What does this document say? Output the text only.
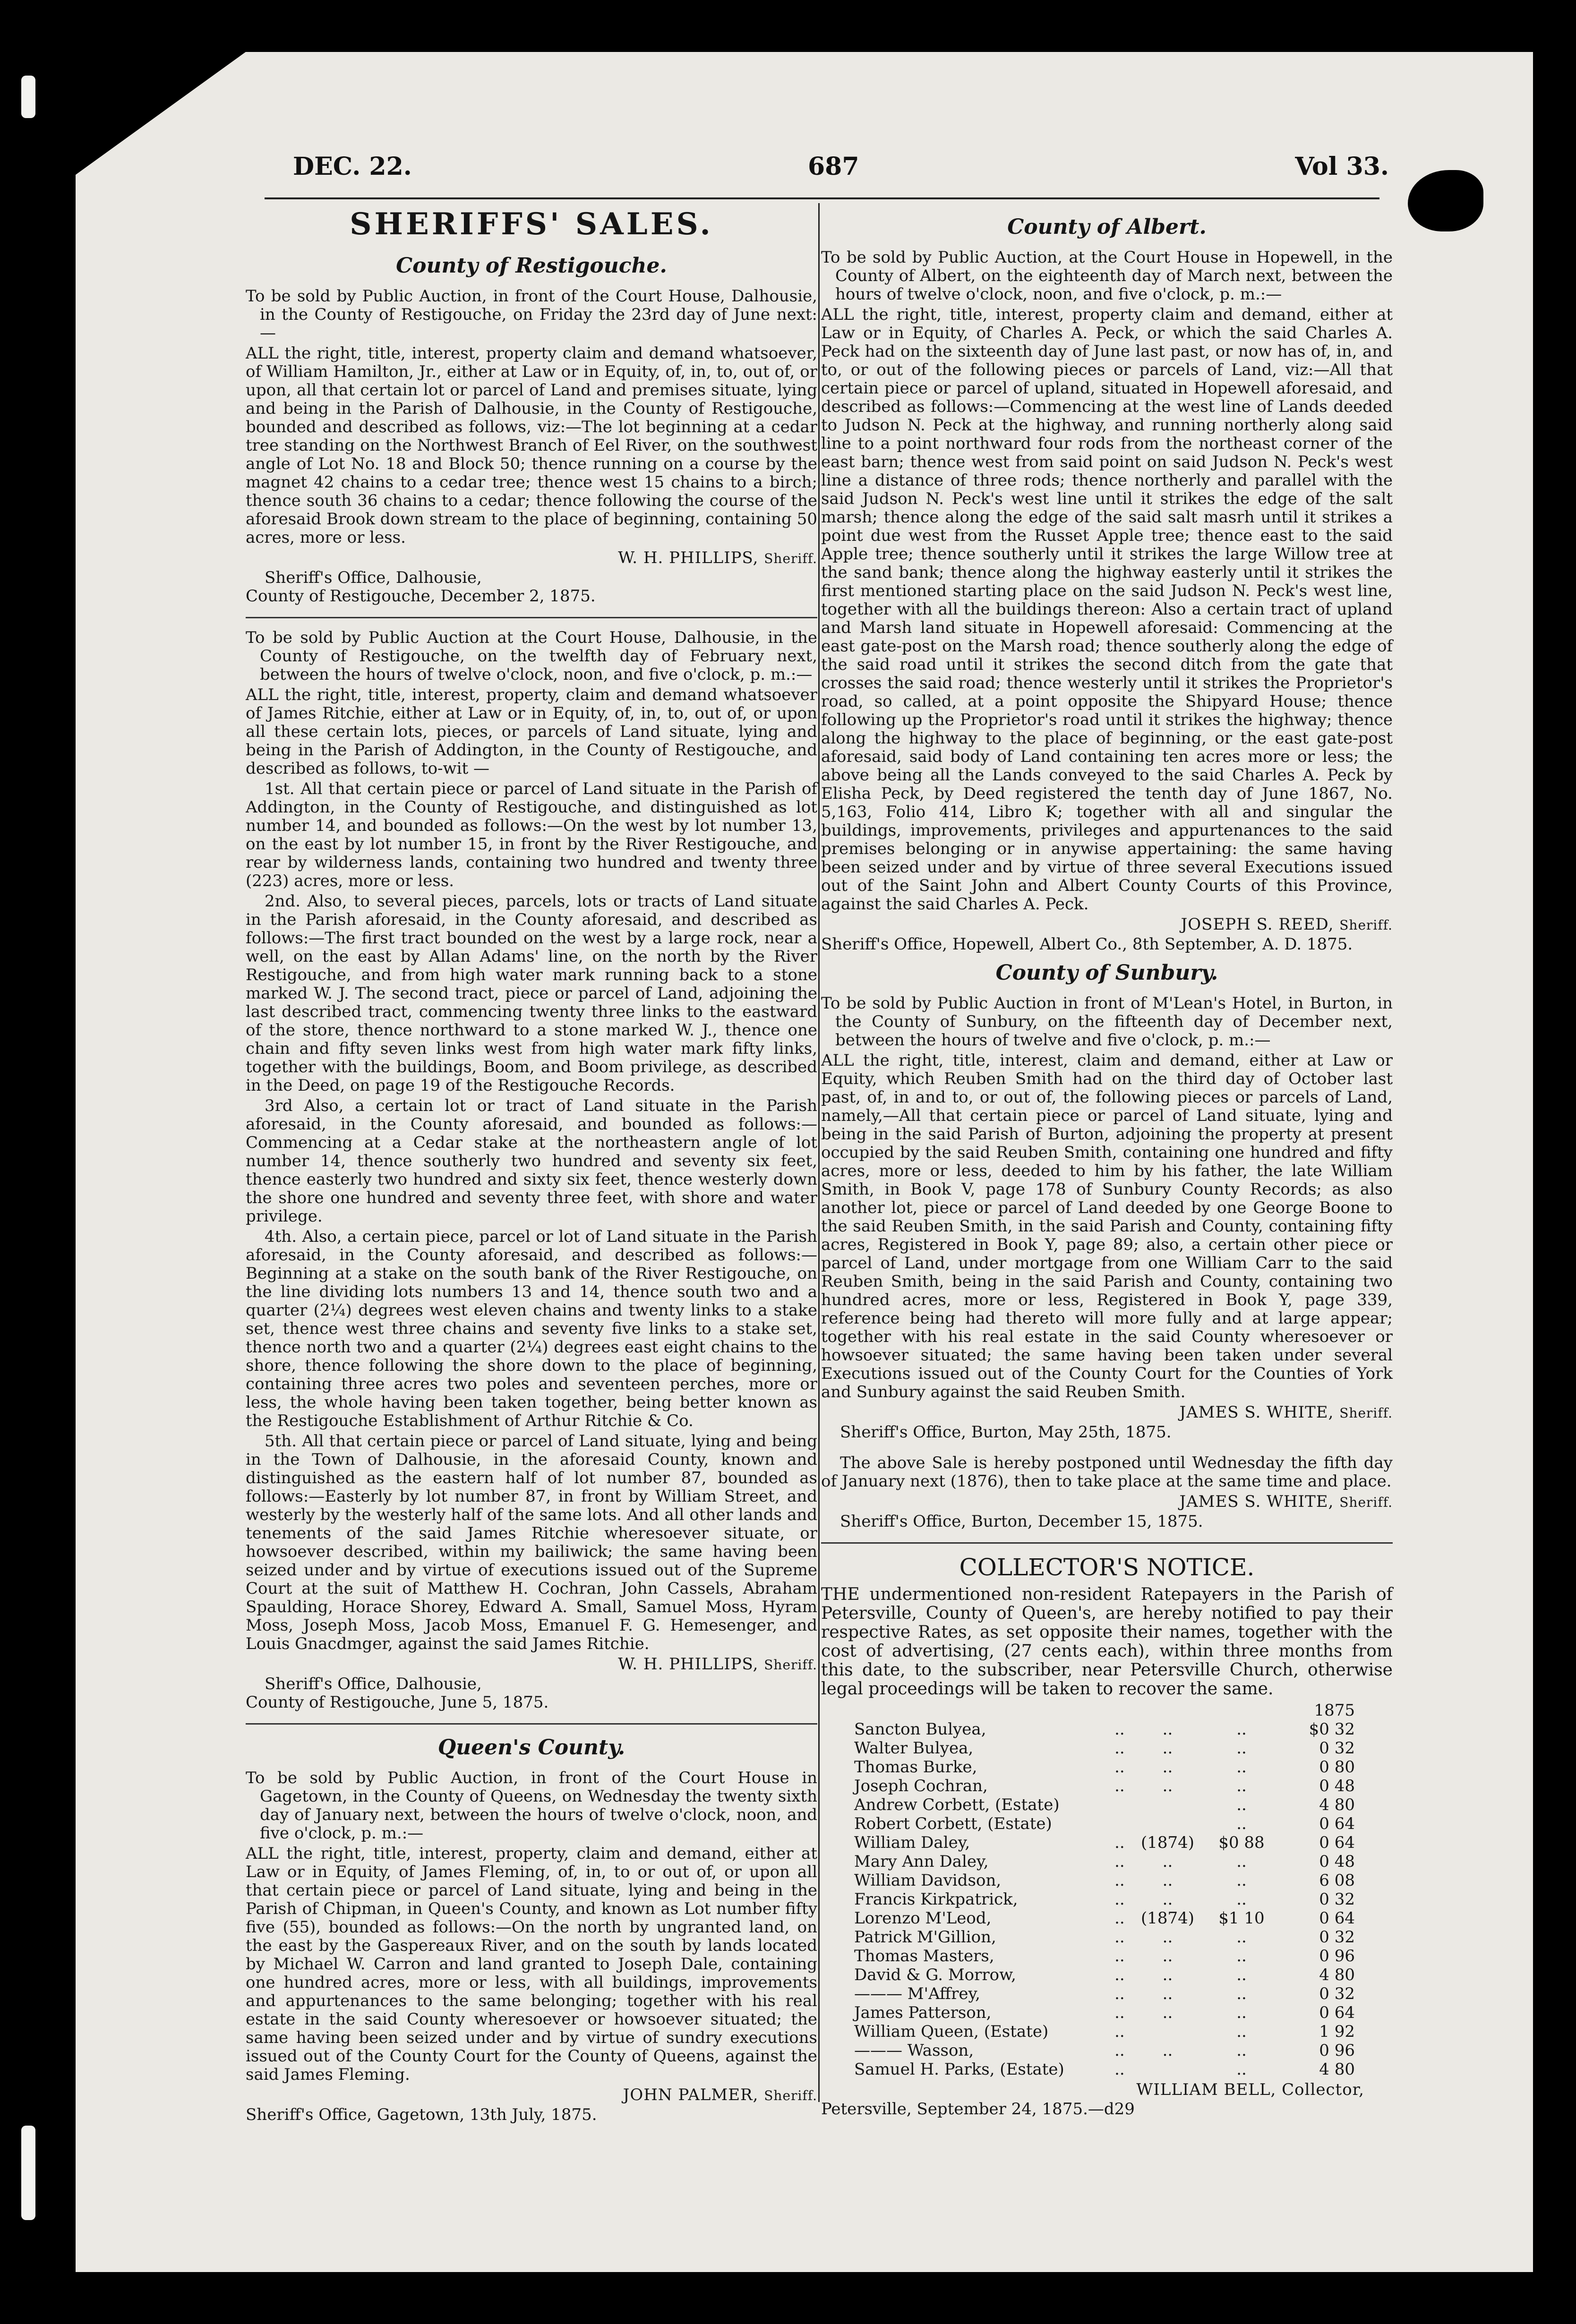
DEC. 22.	687	Vol 33.
SHERIFFS' SALES.
County of Restigouche.

To be sold by Public Auction, in front of the Court House, Dalhousie, in the County of Restigouche, on Friday the 23rd day of June next:—

ALL the right, title, interest, property claim and demand whatsoever, of William Hamilton, Jr., either at Law or in Equity, of, in, to, out of, or upon, all that certain lot or parcel of Land and premises situate, lying and being in the Parish of Dalhousie, in the County of Restigouche, bounded and described as follows, viz:—The lot beginning at a cedar tree standing on the Northwest Branch of Eel River, on the southwest angle of Lot No. 18 and Block 50; thence running on a course by the magnet 42 chains to a cedar tree; thence west 15 chains to a birch; thence south 36 chains to a cedar; thence following the course of the aforesaid Brook down stream to the place of beginning, containing 50 acres, more or less.

W. H. PHILLIPS, Sheriff.

Sheriff's Office, Dalhousie,

County of Restigouche, December 2, 1875.

To be sold by Public Auction at the Court House, Dalhousie, in the County of Restigouche, on the twelfth day of February next, between the hours of twelve o'clock, noon, and five o'clock, p. m.:—

ALL the right, title, interest, property, claim and demand whatsoever of James Ritchie, either at Law or in Equity, of, in, to, out of, or upon all these certain lots, pieces, or parcels of Land situate, lying and being in the Parish of Addington, in the County of Restigouche, and described as follows, to-wit —

1st. All that certain piece or parcel of Land situate in the Parish of Addington, in the County of Restigouche, and distinguished as lot number 14, and bounded as follows:—On the west by lot number 13, on the east by lot number 15, in front by the River Restigouche, and rear by wilderness lands, containing two hundred and twenty three (223) acres, more or less.

2nd. Also, to several pieces, parcels, lots or tracts of Land situate in the Parish aforesaid, in the County aforesaid, and described as follows:—The first tract bounded on the west by a large rock, near a well, on the east by Allan Adams' line, on the north by the River Restigouche, and from high water mark running back to a stone marked W. J. The second tract, piece or parcel of Land, adjoining the last described tract, commencing twenty three links to the eastward of the store, thence northward to a stone marked W. J., thence one chain and fifty seven links west from high water mark fifty links, together with the buildings, Boom, and Boom privilege, as described in the Deed, on page 19 of the Restigouche Records.

3rd Also, a certain lot or tract of Land situate in the Parish aforesaid, in the County aforesaid, and bounded as follows:—Commencing at a Cedar stake at the northeastern angle of lot number 14, thence southerly two hundred and seventy six feet, thence easterly two hundred and sixty six feet, thence westerly down the shore one hundred and seventy three feet, with shore and water privilege.

4th. Also, a certain piece, parcel or lot of Land situate in the Parish aforesaid, in the County aforesaid, and described as follows:—Beginning at a stake on the south bank of the River Restigouche, on the line dividing lots numbers 13 and 14, thence south two and a quarter (2¼) degrees west eleven chains and twenty links to a stake set, thence west three chains and seventy five links to a stake set, thence north two and a quarter (2¼) degrees east eight chains to the shore, thence following the shore down to the place of beginning, containing three acres two poles and seventeen perches, more or less, the whole having been taken together, being better known as the Restigouche Establishment of Arthur Ritchie & Co.

5th. All that certain piece or parcel of Land situate, lying and being in the Town of Dalhousie, in the aforesaid County, known and distinguished as the eastern half of lot number 87, bounded as follows:—Easterly by lot number 87, in front by William Street, and westerly by the westerly half of the same lots. And all other lands and tenements of the said James Ritchie wheresoever situate, or howsoever described, within my bailiwick; the same having been seized under and by virtue of executions issued out of the Supreme Court at the suit of Matthew H. Cochran, John Cassels, Abraham Spaulding, Horace Shorey, Edward A. Small, Samuel Moss, Hyram Moss, Joseph Moss, Jacob Moss, Emanuel F. G. Hemesenger, and Louis Gnacdmger, against the said James Ritchie.

W. H. PHILLIPS, Sheriff.

Sheriff's Office, Dalhousie,

County of Restigouche, June 5, 1875.

Queen's County.

To be sold by Public Auction, in front of the Court House in Gagetown, in the County of Queens, on Wednesday the twenty sixth day of January next, between the hours of twelve o'clock, noon, and five o'clock, p. m.:—

ALL the right, title, interest, property, claim and demand, either at Law or in Equity, of James Fleming, of, in, to or out of, or upon all that certain piece or parcel of Land situate, lying and being in the Parish of Chipman, in Queen's County, and known as Lot number fifty five (55), bounded as follows:—On the north by ungranted land, on the east by the Gaspereaux River, and on the south by lands located by Michael W. Carron and land granted to Joseph Dale, containing one hundred acres, more or less, with all buildings, improvements and appurtenances to the same belonging; together with his real estate in the said County wheresoever or howsoever situated; the same having been seized under and by virtue of sundry executions issued out of the County Court for the County of Queens, against the said James Fleming.

JOHN PALMER, Sheriff.

Sheriff's Office, Gagetown, 13th July, 1875.

County of Albert.

To be sold by Public Auction, at the Court House in Hopewell, in the County of Albert, on the eighteenth day of March next, between the hours of twelve o'clock, noon, and five o'clock, p. m.:—

ALL the right, title, interest, property claim and demand, either at Law or in Equity, of Charles A. Peck, or which the said Charles A. Peck had on the sixteenth day of June last past, or now has of, in, and to, or out of the following pieces or parcels of Land, viz:—All that certain piece or parcel of upland, situated in Hopewell aforesaid, and described as follows:—Commencing at the west line of Lands deeded to Judson N. Peck at the highway, and running northerly along said line to a point northward four rods from the northeast corner of the east barn; thence west from said point on said Judson N. Peck's west line a distance of three rods; thence northerly and parallel with the said Judson N. Peck's west line until it strikes the edge of the salt marsh; thence along the edge of the said salt masrh until it strikes a point due west from the Russet Apple tree; thence east to the said Apple tree; thence southerly until it strikes the large Willow tree at the sand bank; thence along the highway easterly until it strikes the first mentioned starting place on the said Judson N. Peck's west line, together with all the buildings thereon: Also a certain tract of upland and Marsh land situate in Hopewell aforesaid: Commencing at the east gate-post on the Marsh road; thence southerly along the edge of the said road until it strikes the second ditch from the gate that crosses the said road; thence westerly until it strikes the Proprietor's road, so called, at a point opposite the Shipyard House; thence following up the Proprietor's road until it strikes the highway; thence along the highway to the place of beginning, or the east gate-post aforesaid, said body of Land containing ten acres more or less; the above being all the Lands conveyed to the said Charles A. Peck by Elisha Peck, by Deed registered the tenth day of June 1867, No. 5,163, Folio 414, Libro K; together with all and singular the buildings, improvements, privileges and appurtenances to the said premises belonging or in anywise appertaining: the same having been seized under and by virtue of three several Executions issued out of the Saint John and Albert County Courts of this Province, against the said Charles A. Peck.

JOSEPH S. REED, Sheriff.

Sheriff's Office, Hopewell, Albert Co., 8th September, A. D. 1875.

County of Sunbury.

To be sold by Public Auction in front of M'Lean's Hotel, in Burton, in the County of Sunbury, on the fifteenth day of December next, between the hours of twelve and five o'clock, p. m.:—

ALL the right, title, interest, claim and demand, either at Law or Equity, which Reuben Smith had on the third day of October last past, of, in and to, or out of, the following pieces or parcels of Land, namely,—All that certain piece or parcel of Land situate, lying and being in the said Parish of Burton, adjoining the property at present occupied by the said Reuben Smith, containing one hundred and fifty acres, more or less, deeded to him by his father, the late William Smith, in Book V, page 178 of Sunbury County Records; as also another lot, piece or parcel of Land deeded by one George Boone to the said Reuben Smith, in the said Parish and County, containing fifty acres, Registered in Book Y, page 89; also, a certain other piece or parcel of Land, under mortgage from one William Carr to the said Reuben Smith, being in the said Parish and County, containing two hundred acres, more or less, Registered in Book Y, page 339, reference being had thereto will more fully and at large appear; together with his real estate in the said County wheresoever or howsoever situated; the same having been taken under several Executions issued out of the County Court for the Counties of York and Sunbury against the said Reuben Smith.

JAMES S. WHITE, Sheriff.

Sheriff's Office, Burton, May 25th, 1875.

The above Sale is hereby postponed until Wednesday the fifth day of January next (1876), then to take place at the same time and place.

JAMES S. WHITE, Sheriff.

Sheriff's Office, Burton, December 15, 1875.

COLLECTOR'S NOTICE.

THE undermentioned non-resident Ratepayers in the Parish of Petersville, County of Queen's, are hereby notified to pay their respective Rates, as set opposite their names, together with the cost of advertising, (27 cents each), within three months from this date, to the subscriber, near Petersville Church, otherwise legal proceedings will be taken to recover the same.

1875
Sancton Bulyea,	..	..	..	$0 32
Walter Bulyea,	..	..	..	0 32
Thomas Burke,	..	..	..	0 80
Joseph Cochran,	..	..	..	0 48
Andrew Corbett, (Estate)			..	4 80
Robert Corbett, (Estate)			..	0 64
William Daley,	..	(1874)	$0 88	0 64
Mary Ann Daley,	..	..	..	0 48
William Davidson,	..	..	..	6 08
Francis Kirkpatrick,	..	..	..	0 32
Lorenzo M'Leod,	..	(1874)	$1 10	0 64
Patrick M'Gillion,	..	..	..	0 32
Thomas Masters,	..	..	..	0 96
David & G. Morrow,	..	..	..	4 80
——— M'Affrey,	..	..	..	0 32
James Patterson,	..	..	..	0 64
William Queen, (Estate)	..		..	1 92
——— Wasson,	..	..	..	0 96
Samuel H. Parks, (Estate)	..		..	4 80

WILLIAM BELL, Collector,

Petersville, September 24, 1875.—d29
